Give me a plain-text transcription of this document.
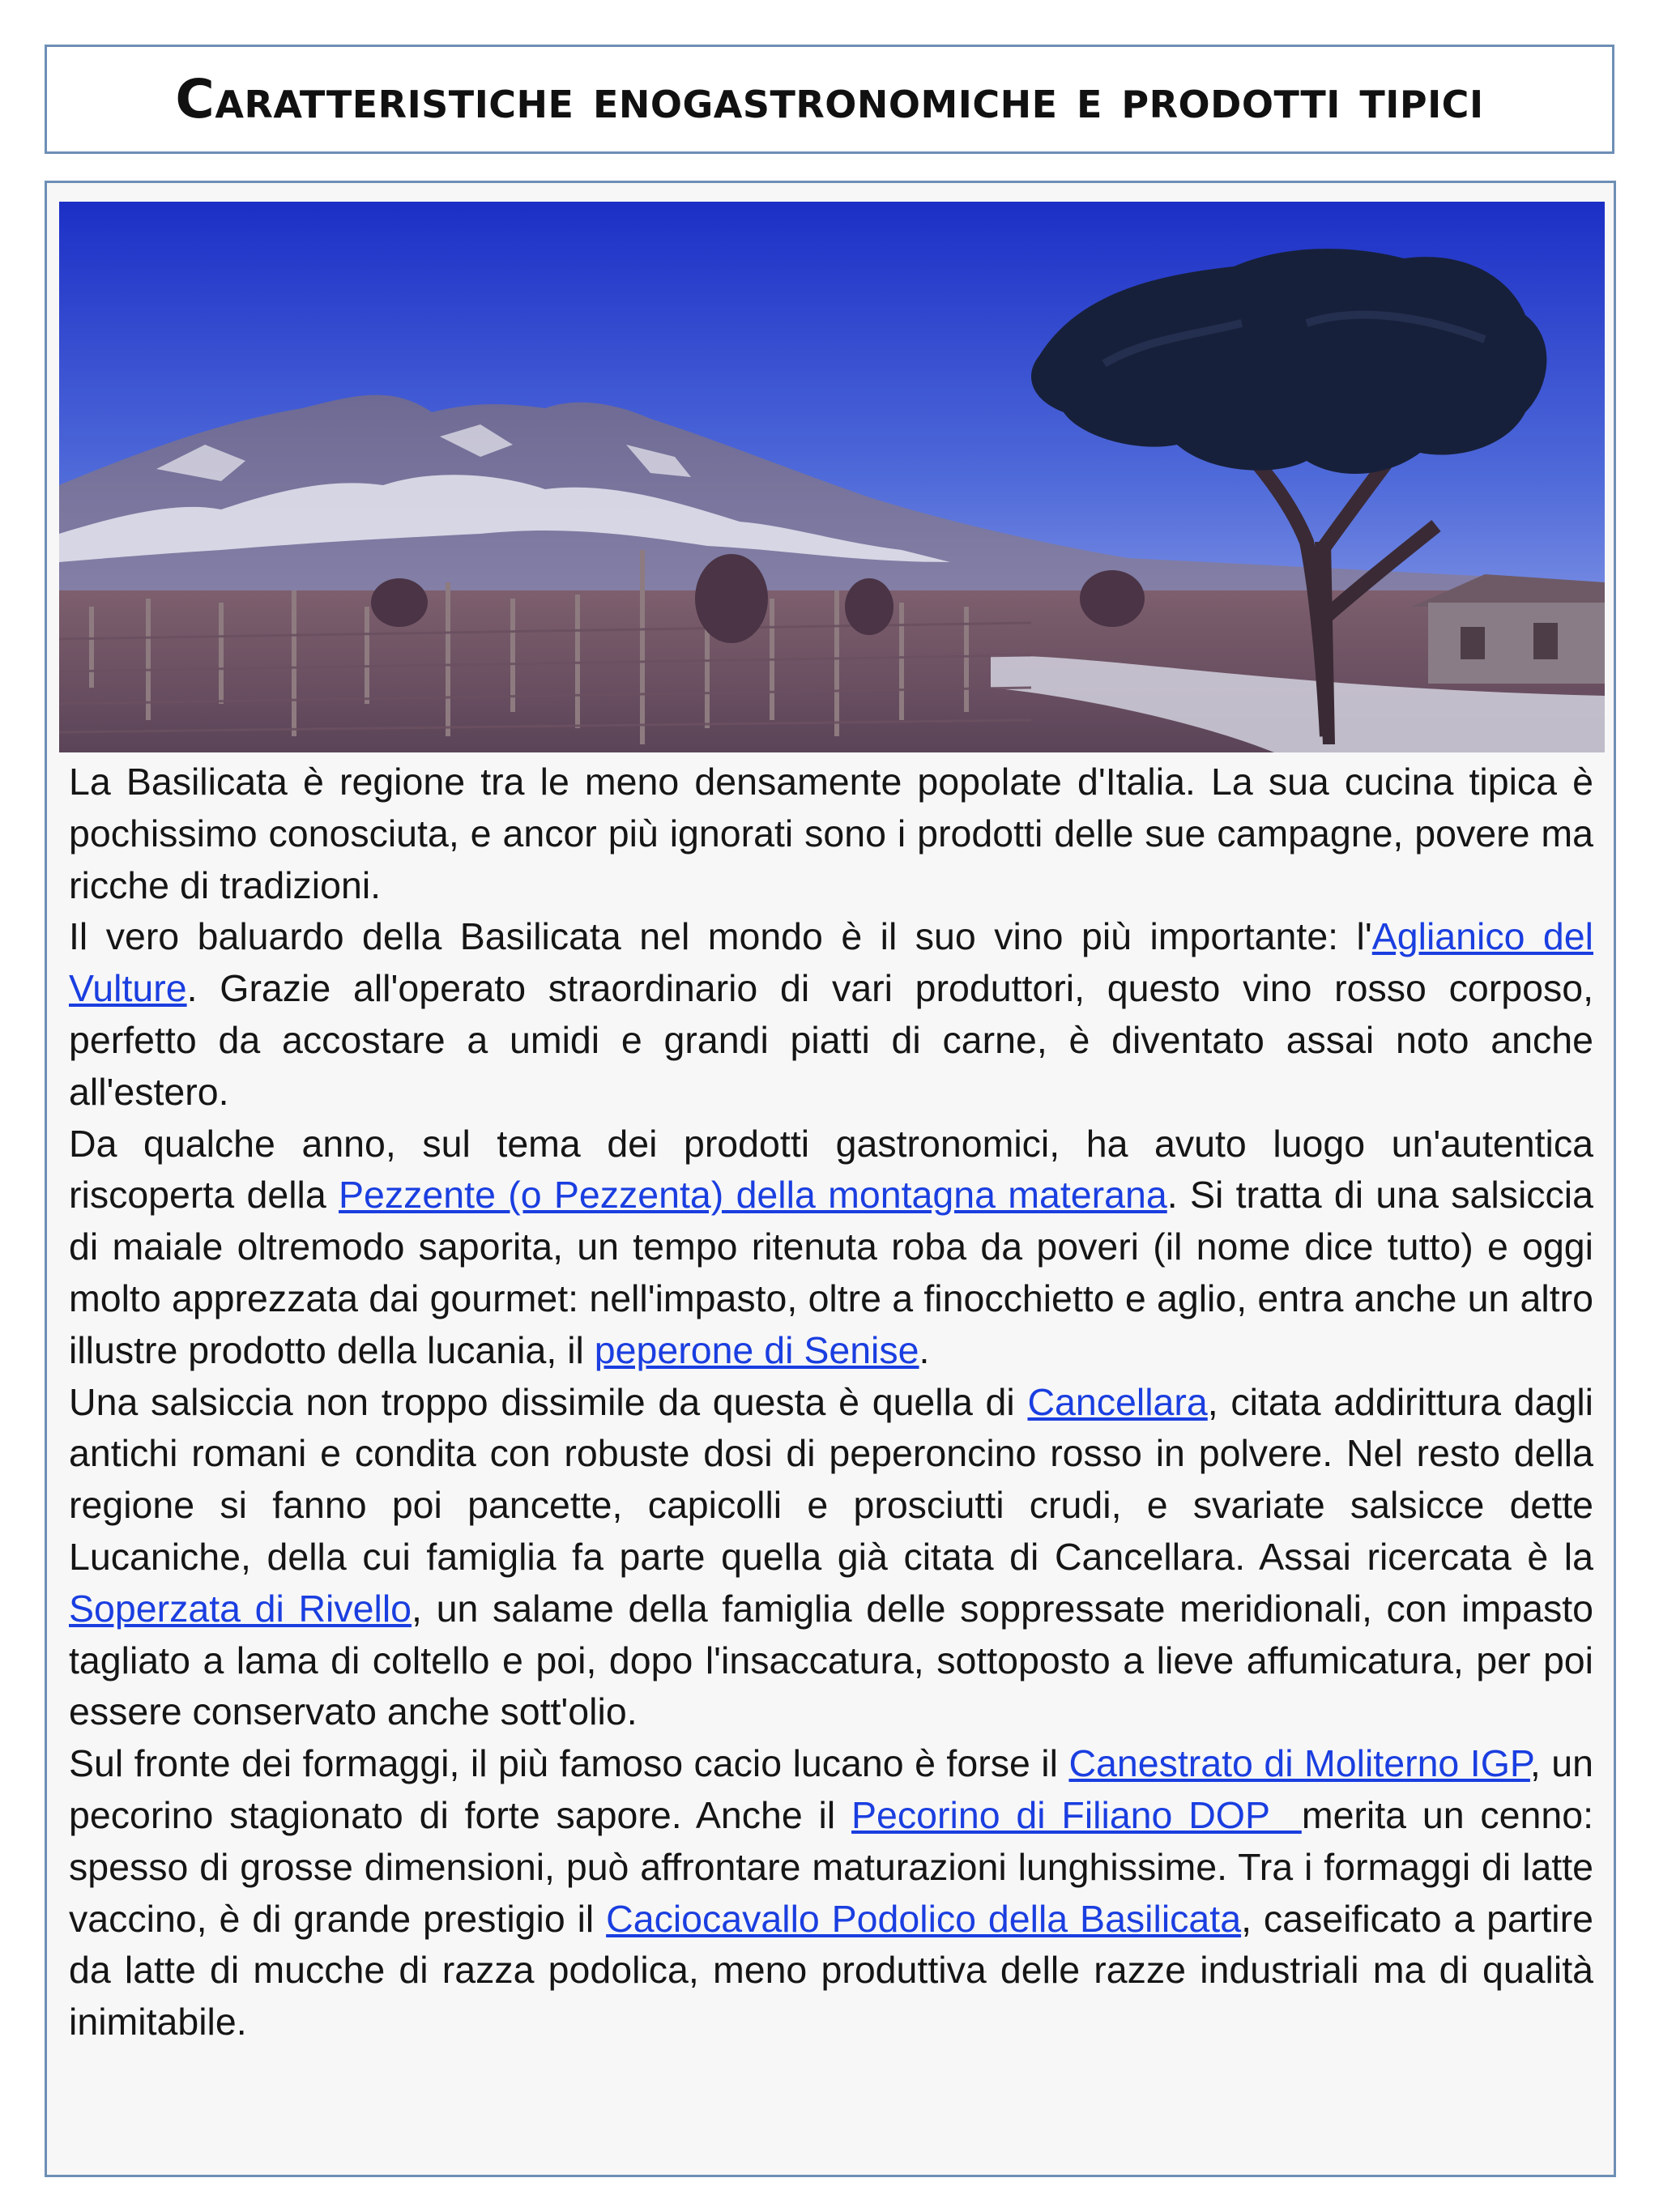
Caratteristiche enogastronomiche e prodotti tipici

La Basilicata è regione tra le meno densamente popolate d'Italia. La sua cucina tipica è pochissimo conosciuta, e ancor più ignorati sono i prodotti delle sue campagne, povere ma ricche di tradizioni.

Il vero baluardo della Basilicata nel mondo è il suo vino più importante: l'Aglianico del Vulture. Grazie all'operato straordinario di vari produttori, questo vino rosso corposo, perfetto da accostare a umidi e grandi piatti di carne, è diventato assai noto anche all'estero.

Da qualche anno, sul tema dei prodotti gastronomici, ha avuto luogo un'autentica riscoperta della Pezzente (o Pezzenta) della montagna materana. Si tratta di una salsiccia di maiale oltremodo saporita, un tempo ritenuta roba da poveri (il nome dice tutto) e oggi molto apprezzata dai gourmet: nell'impasto, oltre a finocchietto e aglio, entra anche un altro illustre prodotto della lucania, il peperone di Senise.

Una salsiccia non troppo dissimile da questa è quella di Cancellara, citata addirittura dagli antichi romani e condita con robuste dosi di peperoncino rosso in polvere. Nel resto della regione si fanno poi pancette, capicolli e prosciutti crudi, e svariate salsicce dette Lucaniche, della cui famiglia fa parte quella già citata di Cancellara. Assai ricercata è la Soperzata di Rivello, un salame della famiglia delle soppressate meridionali, con impasto tagliato a lama di coltello e poi, dopo l'insaccatura, sottoposto a lieve affumicatura, per poi essere conservato anche sott'olio.

Sul fronte dei formaggi, il più famoso cacio lucano è forse il Canestrato di Moliterno IGP, un pecorino stagionato di forte sapore. Anche il Pecorino di Filiano DOP  merita un cenno: spesso di grosse dimensioni, può affrontare maturazioni lunghissime. Tra i formaggi di latte vaccino, è di grande prestigio il Caciocavallo Podolico della Basilicata, caseificato a partire da latte di mucche di razza podolica, meno produttiva delle razze industriali ma di qualità inimitabile.
